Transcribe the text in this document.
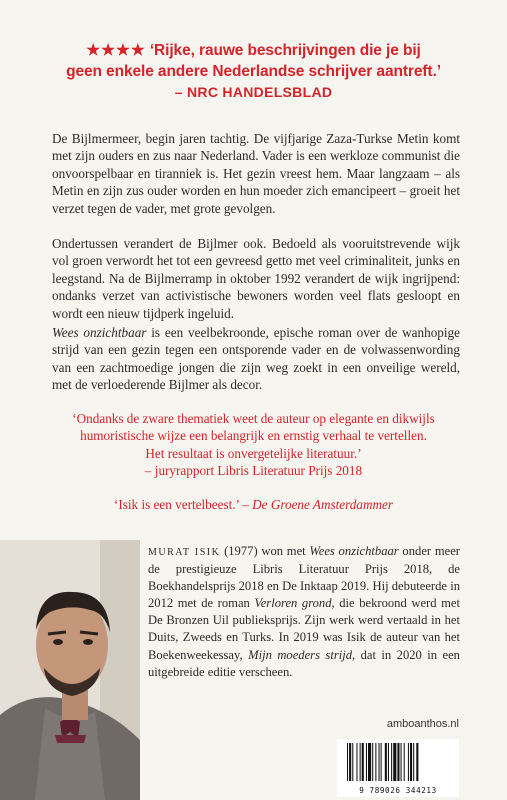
★★★★ ‘Rijke, rauwe beschrijvingen die je bij
geen enkele andere Nederlandse schrijver aantreft.’
– NRC HANDELSBLAD

De Bijlmermeer, begin jaren tachtig. De vijfjarige Zaza-Turkse Metin komt met zijn ouders en zus naar Nederland. Vader is een werkloze communist die onvoorspelbaar en tiranniek is. Het gezin vreest hem. Maar langzaam – als Metin en zijn zus ouder worden en hun moeder zich emancipeert – groeit het verzet tegen de vader, met grote gevolgen.

Ondertussen verandert de Bijlmer ook. Bedoeld als vooruitstrevende wijk vol groen verwordt het tot een gevreesd getto met veel criminaliteit, junks en leegstand. Na de Bijlmerramp in oktober 1992 verandert de wijk ingrijpend: ondanks verzet van activistische bewoners worden veel flats gesloopt en wordt een nieuw tijdperk ingeluid.

Wees onzichtbaar is een veelbekroonde, epische roman over de wanhopige strijd van een gezin tegen een ontsporende vader en de volwassenwording van een zachtmoedige jongen die zijn weg zoekt in een onveilige wereld, met de verloederende Bijlmer als decor.

‘Ondanks de zware thematiek weet de auteur op elegante en dikwijls
humoristische wijze een belangrijk en ernstig verhaal te vertellen.
Het resultaat is onvergetelijke literatuur.’
– juryrapport Libris Literatuur Prijs 2018

‘Isik is een vertelbeest.’ – De Groene Amsterdammer

MURAT ISIK (1977) won met Wees onzichtbaar onder meer de prestigieuze Libris Literatuur Prijs 2018, de Boekhandelsprijs 2018 en De Inktaap 2019. Hij debuteerde in 2012 met de roman Verloren grond, die bekroond werd met De Bronzen Uil publieksprijs. Zijn werk werd vertaald in het Duits, Zweeds en Turks. In 2019 was Isik de auteur van het Boekenweekessay, Mijn moeders strijd, dat in 2020 in een uitgebreide editie verscheen.

amboanthos.nl
9 789026 344213
